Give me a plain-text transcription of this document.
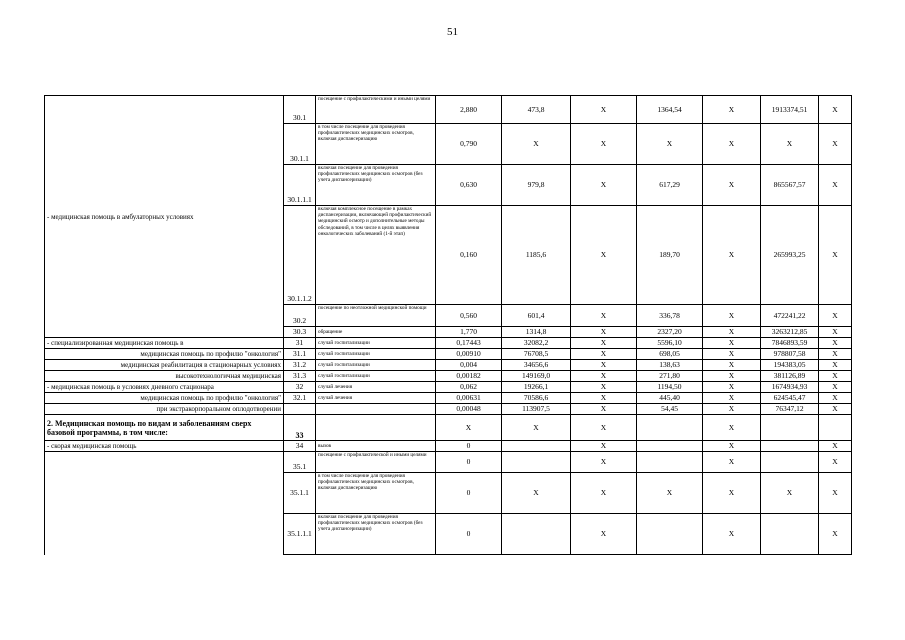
51
- медицинская помощь в амбулаторных условиях	30.1	посещение с профилактическими и иными целями	2,880	473,8	X	1364,54	X	1913374,51	X
	30.1.1	в том числе посещение для проведения профилактических медицинских осмотров, включая диспансеризацию	0,790	X	X	X	X	X	X
	30.1.1.1	включая посещение для проведения профилактических медицинских осмотров (без учета диспансеризации)	0,630	979,8	X	617,29	X	865567,57	X
	30.1.1.2	включая комплексное посещение в рамках диспансеризации, включающей профилактический медицинский осмотр и дополнительные методы обследований, в том числе в целях выявления онкологических заболеваний (1-й этап)	0,160	1185,6	X	189,70	X	265993,25	X
	30.2	посещение по неотложной медицинской помощи	0,560	601,4	X	336,78	X	472241,22	X
	30.3	обращение	1,770	1314,8	X	2327,20	X	3263212,85	X
- специализированная медицинская помощь в	31	случай госпитализации	0,17443	32082,2	X	5596,10	X	7846893,59	X
медицинская помощь по профилю "онкология"	31.1	случай госпитализации	0,00910	76708,5	X	698,05	X	978807,58	X
медицинская реабилитация в стационарных условиях	31.2	случай госпитализации	0,004	34656,6	X	138,63	X	194383,05	X
высокотехнологичная медицинская	31.3	случай госпитализации	0,00182	149169,0	X	271,80	X	381126,89	X
- медицинская помощь в условиях дневного стационара	32	случай лечения	0,062	19266,1	X	1194,50	X	1674934,93	X
медицинская помощь по профилю "онкология"	32.1	случай лечения	0,00631	70586,6	X	445,40	X	624545,47	X
при экстракорпоральном оплодотворении			0,00048	113907,5	X	54,45	X	76347,12	X
2. Медицинская помощь по видам и заболеваниям сверх базовой программы, в том числе:	33		X	X	X		X		
- скорая медицинская помощь	34	вызов	0		X		X		X
	35.1	посещение с профилактической и иными целями	0		X		X		X
	35.1.1	в том числе посещение для проведения профилактических медицинских осмотров, включая диспансеризацию	0	X	X	X	X	X	X
	35.1.1.1	включая посещение для проведения профилактических медицинских осмотров (без учета диспансеризации)	0		X		X		X
